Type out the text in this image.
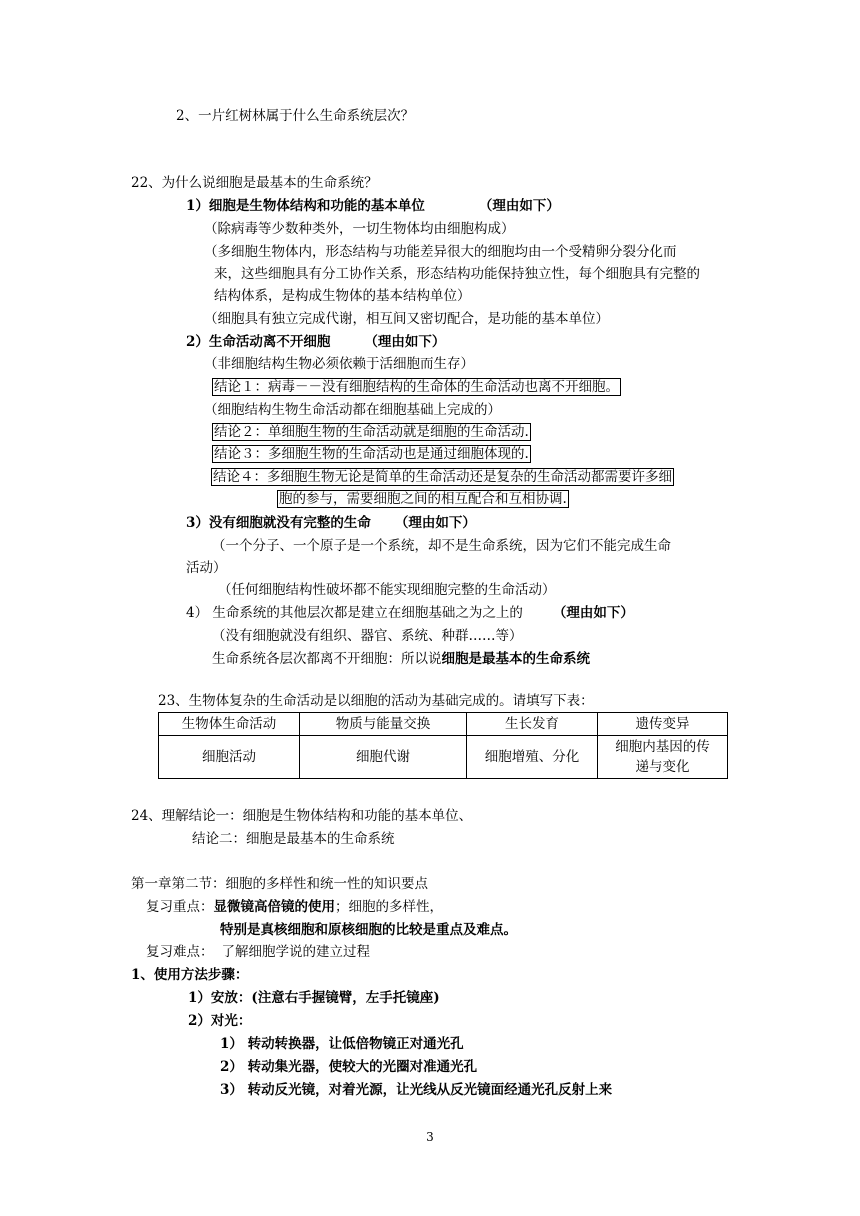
2、一片红树林属于什么生命系统层次？
22、为什么说细胞是最基本的生命系统？
1）细胞是生物体结构和功能的基本单位	（理由如下）
（除病毒等少数种类外，一切生物体均由细胞构成）
（多细胞生物体内，形态结构与功能差异很大的细胞均由一个受精卵分裂分化而
来，这些细胞具有分工协作关系，形态结构功能保持独立性，每个细胞具有完整的
结构体系，是构成生物体的基本结构单位）
（细胞具有独立完成代谢，相互间又密切配合，是功能的基本单位）
2）生命活动离不开细胞	（理由如下）
（非细胞结构生物必须依赖于活细胞而生存）
结论１：病毒－－没有细胞结构的生命体的生命活动也离不开细胞。
（细胞结构生物生命活动都在细胞基础上完成的）
结论２：单细胞生物的生命活动就是细胞的生命活动.
结论３：多细胞生物的生命活动也是通过细胞体现的.
结论４：多细胞生物无论是简单的生命活动还是复杂的生命活动都需要许多细
胞的参与，需要细胞之间的相互配合和互相协调.
3）没有细胞就没有完整的生命 （理由如下）
（一个分子、一个原子是一个系统，却不是生命系统，因为它们不能完成生命
活动）
（任何细胞结构性破坏都不能实现细胞完整的生命活动）
4） 生命系统的其他层次都是建立在细胞基础之为之上的 （理由如下）
（没有细胞就没有组织、器官、系统、种群……等）
生命系统各层次都离不开细胞：所以说细胞是最基本的生命系统
23、生物体复杂的生命活动是以细胞的活动为基础完成的。请填写下表：
生物体生命活动	物质与能量交换	生长发育	遗传变异
细胞活动	细胞代谢	细胞增殖、分化	细胞内基因的传
递与变化
24、理解结论一：细胞是生物体结构和功能的基本单位、
结论二：细胞是最基本的生命系统
第一章第二节：细胞的多样性和统一性的知识要点
复习重点：显微镜高倍镜的使用；细胞的多样性，
特别是真核细胞和原核细胞的比较是重点及难点。
复习难点： 了解细胞学说的建立过程
1、使用方法步骤：
1）安放：(注意右手握镜臂，左手托镜座)
2）对光：
1） 转动转换器，让低倍物镜正对通光孔
2） 转动集光器，使较大的光圈对准通光孔
3） 转动反光镜，对着光源，让光线从反光镜面经通光孔反射上来
3
